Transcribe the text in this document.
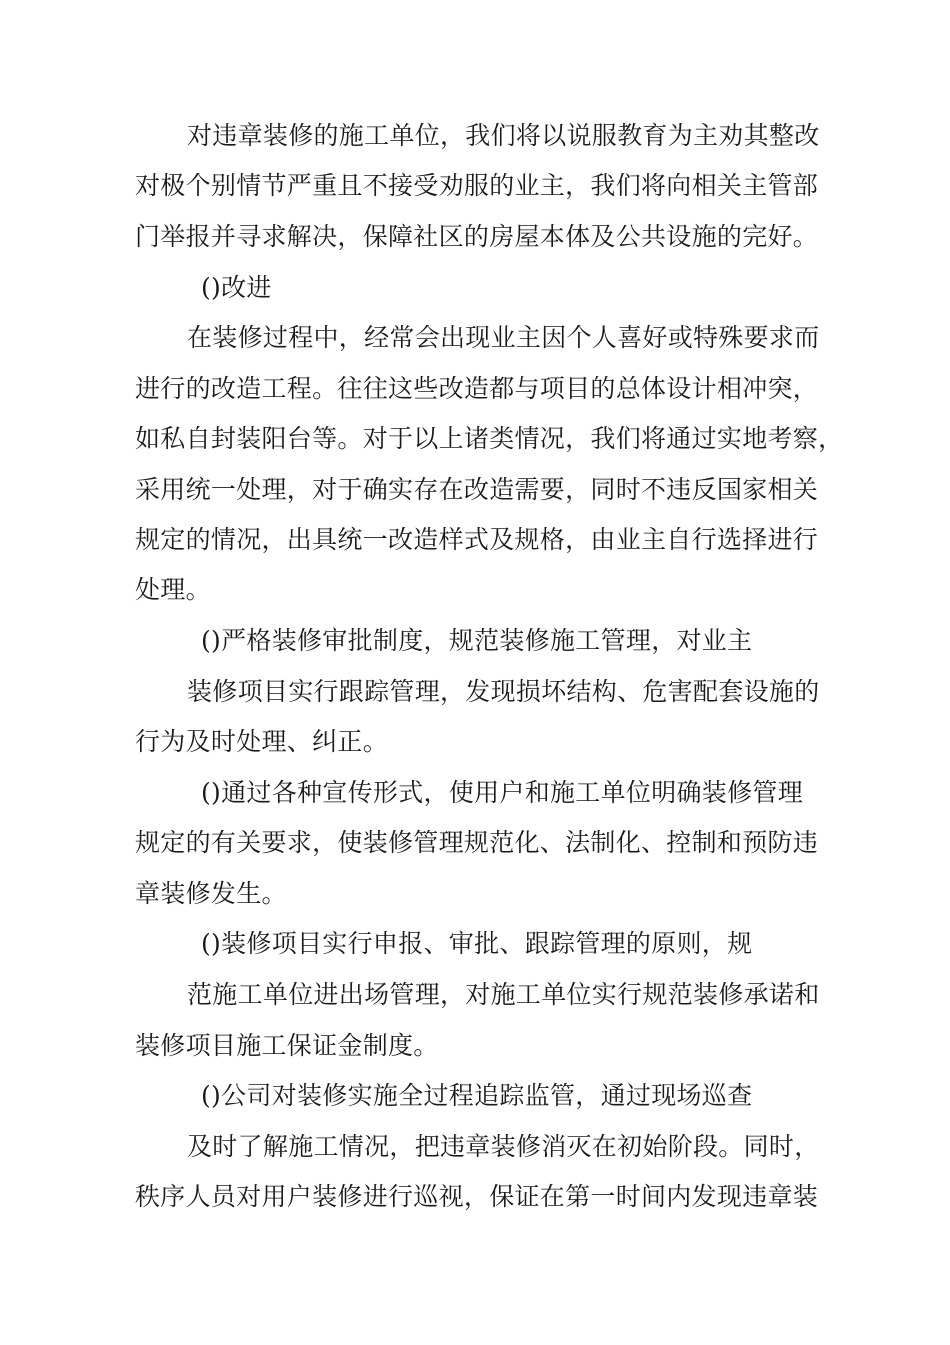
对违章装修的施工单位，我们将以说服教育为主劝其整改
对极个别情节严重且不接受劝服的业主，我们将向相关主管部
门举报并寻求解决，保障社区的房屋本体及公共设施的完好。
()改进
在装修过程中，经常会出现业主因个人喜好或特殊要求而
进行的改造工程。往往这些改造都与项目的总体设计相冲突，
如私自封装阳台等。对于以上诸类情况，我们将通过实地考察，
采用统一处理，对于确实存在改造需要，同时不违反国家相关
规定的情况，出具统一改造样式及规格，由业主自行选择进行
处理。
()严格装修审批制度，规范装修施工管理，对业主
装修项目实行跟踪管理，发现损坏结构、危害配套设施的
行为及时处理、纠正。
()通过各种宣传形式，使用户和施工单位明确装修管理
规定的有关要求，使装修管理规范化、法制化、控制和预防违
章装修发生。
()装修项目实行申报、审批、跟踪管理的原则，规
范施工单位进出场管理，对施工单位实行规范装修承诺和
装修项目施工保证金制度。
()公司对装修实施全过程追踪监管，通过现场巡查
及时了解施工情况，把违章装修消灭在初始阶段。同时，
秩序人员对用户装修进行巡视，保证在第一时间内发现违章装
